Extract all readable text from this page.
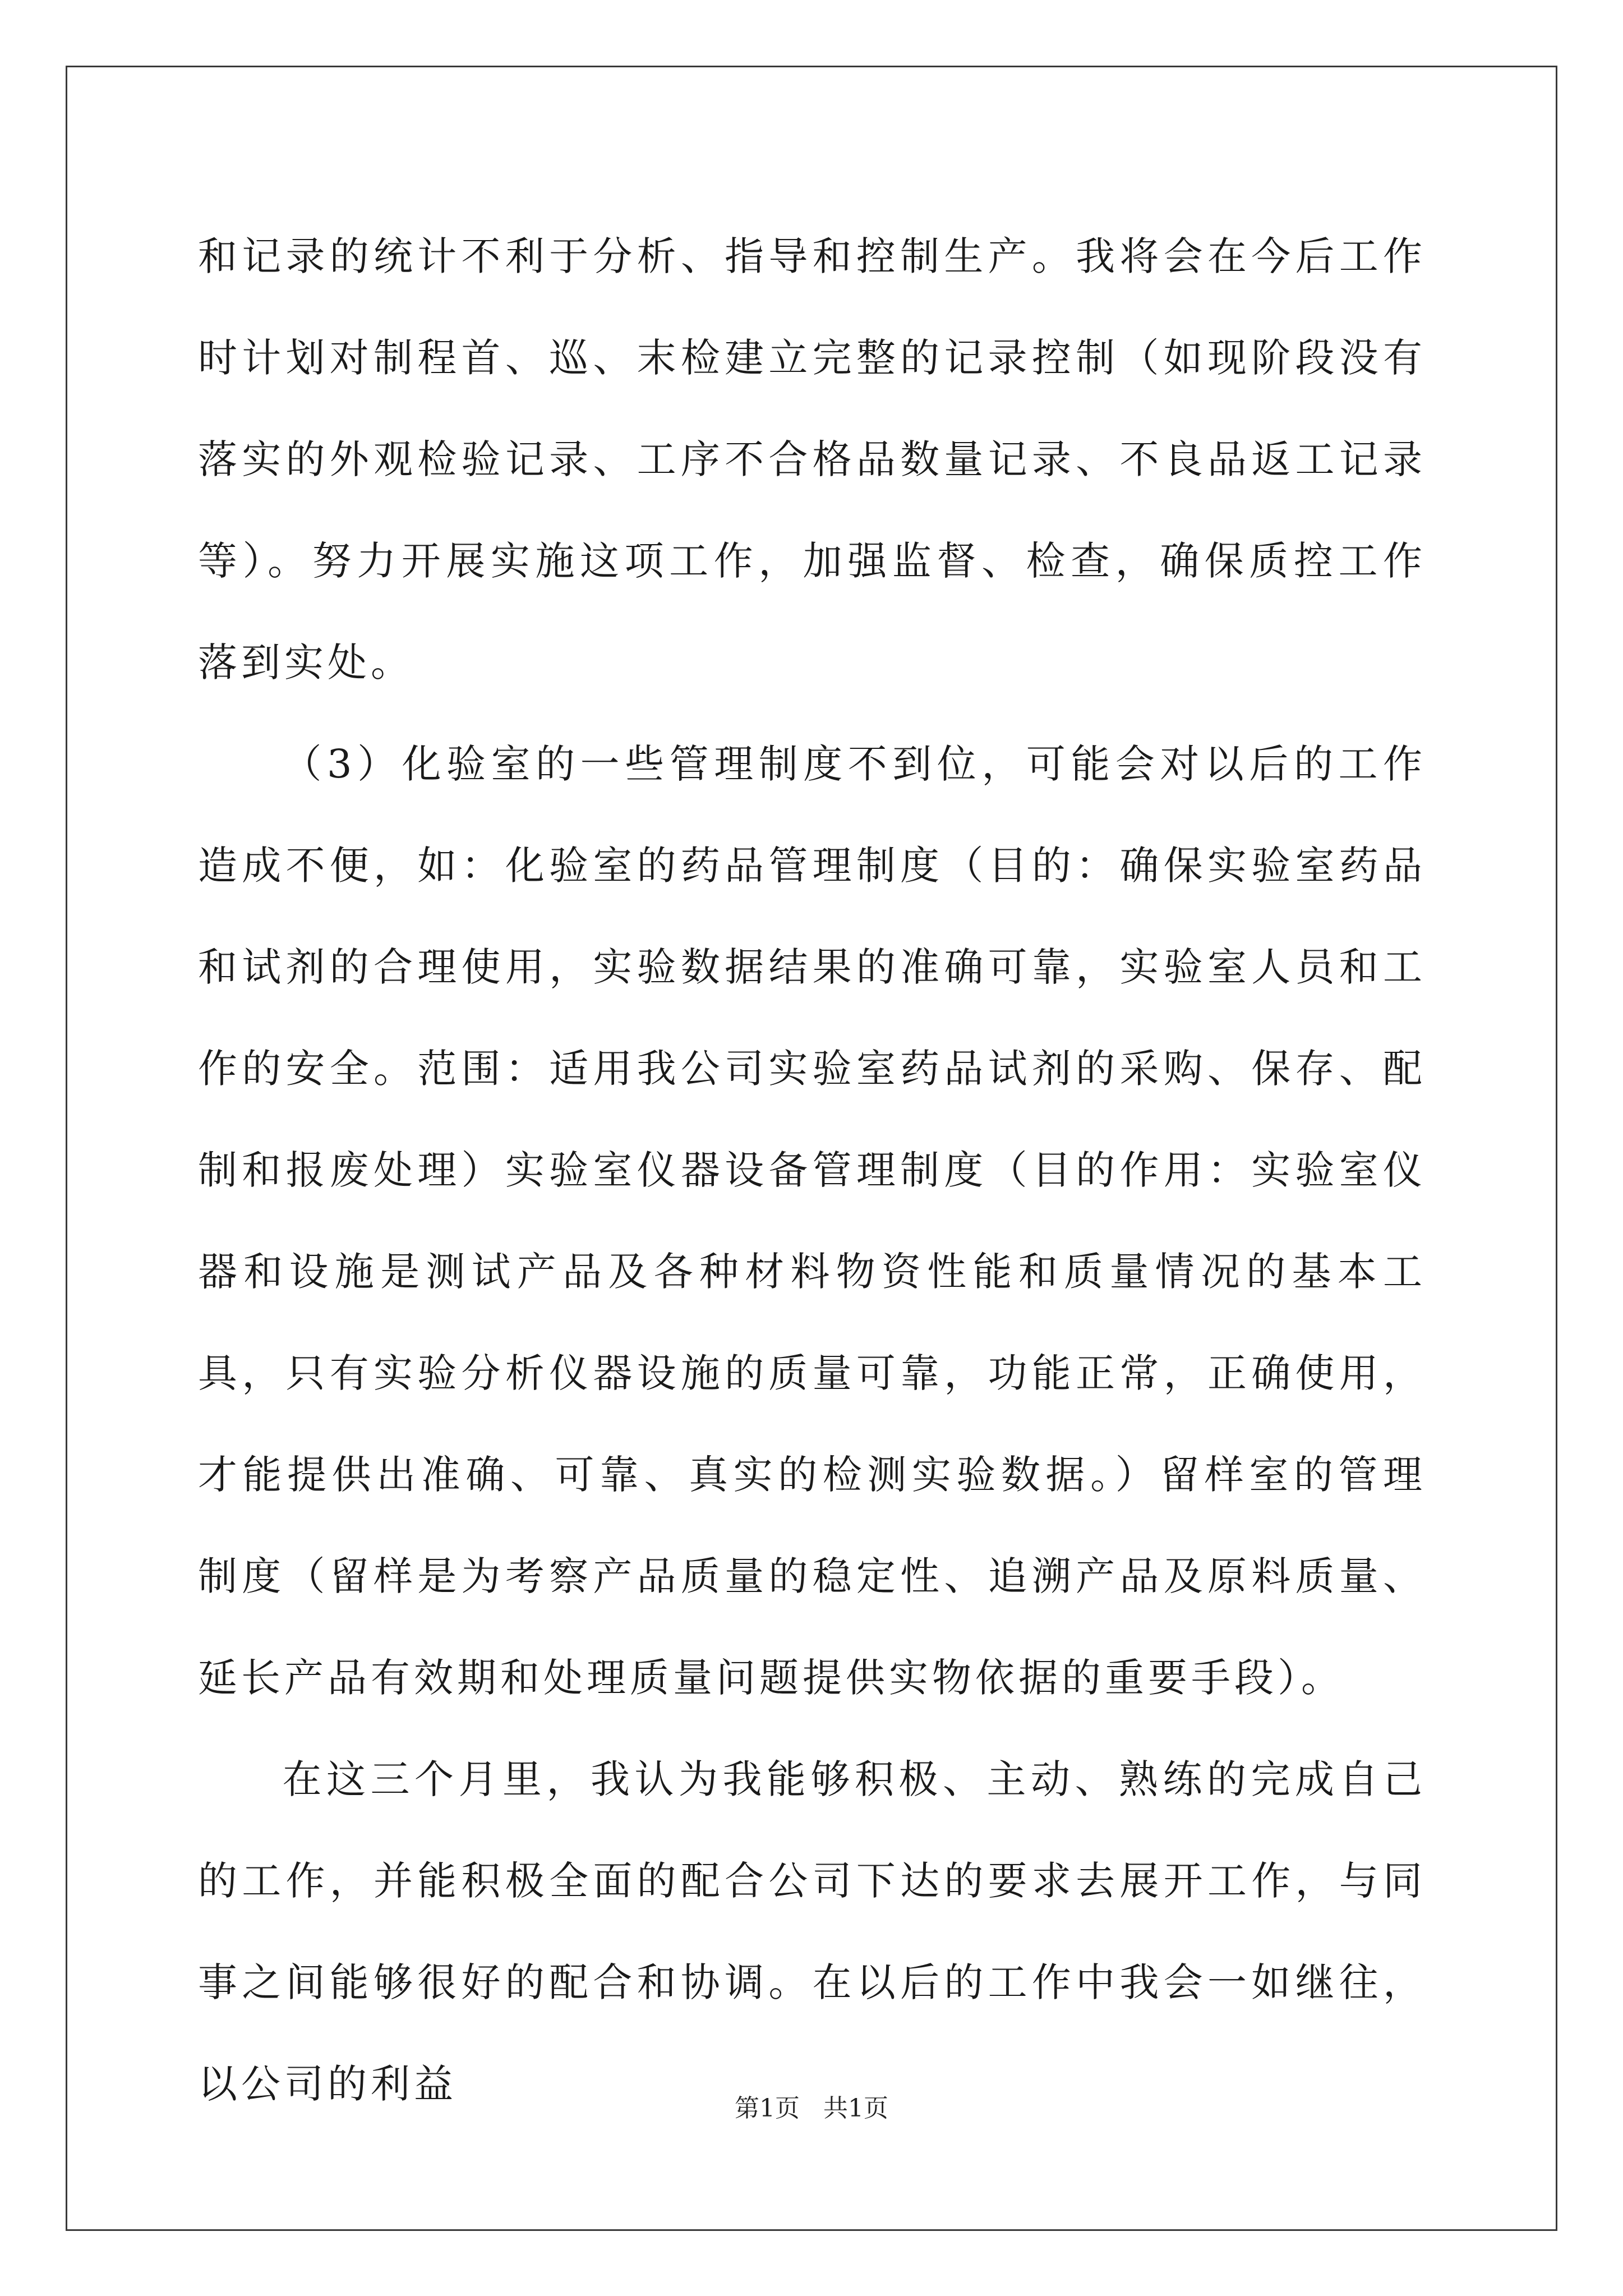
和记录的统计不利于分析、指导和控制生产。我将会在今后工作时计划对制程首、巡、末检建立完整的记录控制（如现阶段没有落实的外观检验记录、工序不合格品数量记录、不良品返工记录等）。努力开展实施这项工作，加强监督、检查，确保质控工作落到实处。

（3）化验室的一些管理制度不到位，可能会对以后的工作造成不便，如：化验室的药品管理制度（目的：确保实验室药品和试剂的合理使用，实验数据结果的准确可靠，实验室人员和工作的安全。范围：适用我公司实验室药品试剂的采购、保存、配制和报废处理）实验室仪器设备管理制度（目的作用：实验室仪器和设施是测试产品及各种材料物资性能和质量情况的基本工具，只有实验分析仪器设施的质量可靠，功能正常，正确使用，才能提供出准确、可靠、真实的检测实验数据。）留样室的管理制度（留样是为考察产品质量的稳定性、追溯产品及原料质量、延长产品有效期和处理质量问题提供实物依据的重要手段）。

在这三个月里，我认为我能够积极、主动、熟练的完成自己的工作，并能积极全面的配合公司下达的要求去展开工作，与同事之间能够很好的配合和协调。在以后的工作中我会一如继往，以公司的利益

第1页   共1页
